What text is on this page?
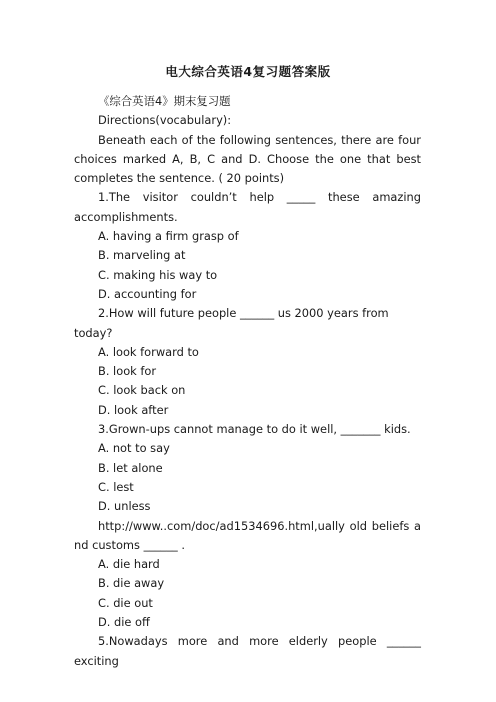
电大综合英语4复习题答案版

《综合英语4》期末复习题

Directions(vocabulary):

Beneath each of the following sentences, there are four choices marked A, B, C and D. Choose the one that best completes the sentence. ( 20 points)

1.The visitor couldn’t help _____ these amazing accomplishments.

A. having a firm grasp of

B. marveling at

C. making his way to

D. accounting for

2.How will future people ______ us 2000 years from today?

A. look forward to

B. look for

C. look back on

D. look after

3.Grown-ups cannot manage to do it well, _______ kids.

A. not to say

B. let alone

C. lest

D. unless

http://www..com/doc/ad1534696.html,ually old beliefs and customs ______ .

A. die hard

B. die away

C. die out

D. die off

5.Nowadays more and more elderly people ______ exciting
